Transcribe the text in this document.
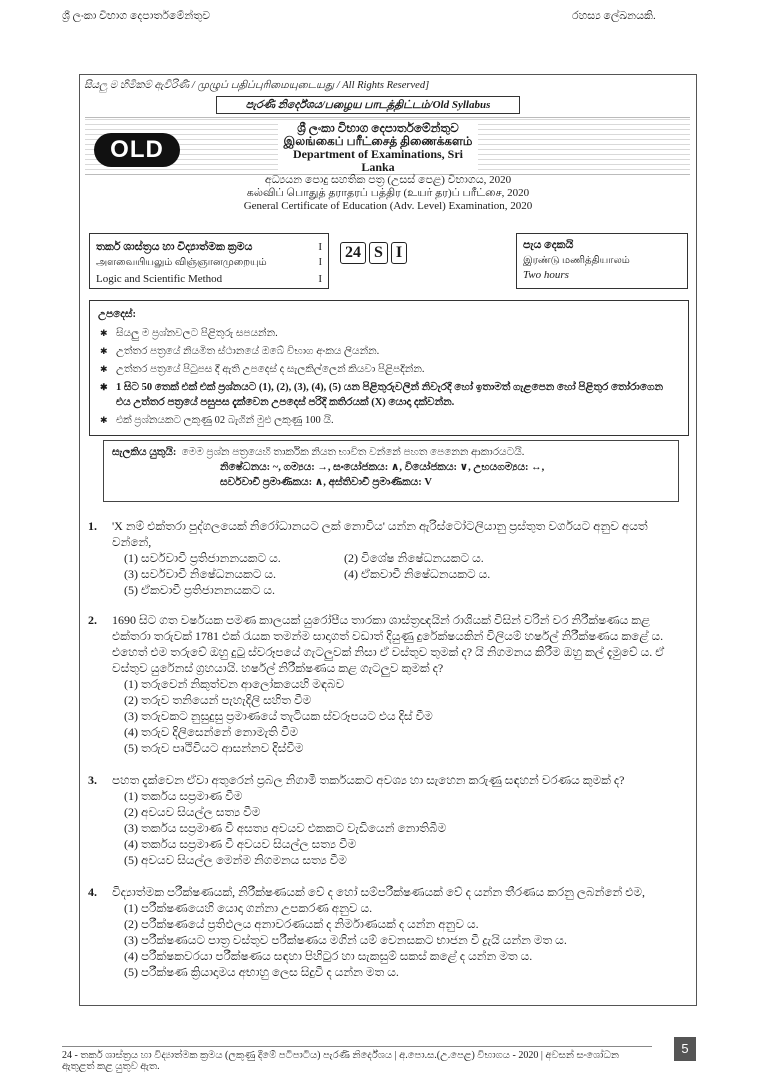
ශ්‍රී ලංකා විභාග දෙපාර්තමේන්තුව	රහස්‍ය ලේඛනයකි.
සියලු ම හිමිකම් ඇවිරිණි / முழுப் பதிப்புரிமையுடையது / All Rights Reserved]
පැරණි නිර්දේශය/பழைய பாடத்திட்டம்/Old Syllabus
OLD
ශ්‍රී ලංකා විභාග දෙපාර්තමේන්තුව
இலங்கைப் பரீட்சைத் திணைக்களம்
Department of Examinations, Sri Lanka
අධ්‍යයන පොදු සහතික පත්‍ර (උසස් පෙළ) විභාගය, 2020
கல்விப் பொதுத் தராதரப் பத்திர (உயர் தர)ப் பரீட்சை, 2020
General Certificate of Education (Adv. Level) Examination, 2020
තර්ක ශාස්ත්‍රය හා විද්‍යාත්මක ක්‍රමය	I
அளவையியலும் விஞ்ஞானமுறையும்	I
Logic and Scientific Method	I
24 S I	පැය දෙකයි
இரண்டு மணித்தியாலம்
Two hours
උපදෙස්:
✱ සියලු ම ප්‍රශ්නවලට පිළිතුරු සපයන්න.
✱ උත්තර පත්‍රයේ නියමිත ස්ථානයේ ඔබේ විභාග අංකය ලියන්න.
✱ උත්තර පත්‍රයේ පිටුපස දී ඇති උපදෙස් ද සැලකිල්ලෙන් කියවා පිළිපදින්න.
✱ 1 සිට 50 තෙක් එක් එක් ප්‍රශ්නයට (1), (2), (3), (4), (5) යන පිළිතුරුවලින් නිවැරදි හෝ ඉතාමත් ගැළපෙන හෝ පිළිතුර තෝරාගෙන එය උත්තර පත්‍රයේ පසුපස දැක්වෙන උපදෙස් පරිදි කතිරයක් (X) යොදා දක්වන්න.
✱ එක් ප්‍රශ්නයකට ලකුණු 02 බැගින් මුළු ලකුණු 100 යි.
සැලකිය යුතුයි: මෙම ප්‍රශ්න පත්‍රයෙහි තාර්කික නියත භාවිත වන්නේ පහත පෙනෙන ආකාරයටයි.
නිෂේධනය: ~, ගම්‍යය: →, සංයෝජකය: ∧, වියෝජකය: ∨, උභයගම්‍යය: ↔,
සර්වවාචී ප්‍රමාණිකය: ∧, අස්තිවාචී ප්‍රමාණිකය: V
1. 'X නම් එක්තරා පුද්ගලයෙක් නිරෝධානයට ලක් නොවිය' යන්න ඇරිස්ටෝටලියානු ප්‍රස්තුත වර්ගයට අනුව අයත් වන්නේ,
(1) සර්වවාචී ප්‍රතිජානනයකට ය.	(2) විශේෂ නිෂේධනයකට ය.
(3) සර්වවාචී නිෂේධනයකට ය.	(4) ඒකවාචී නිෂේධනයකට ය.
(5) ඒකවාචී ප්‍රතිජානනයකට ය.
2. 1690 සිට ගත වර්ෂයක පමණ කාලයක් යුරෝපීය තාරකා ශාස්ත්‍රඥයින් රාශියක් විසින් වරින් වර නිරීක්ෂණය කළ එක්තරා තරුවක් 1781 එක් රැයක තමන්ම සාදාගත් වඩාත් දියුණු දුරේක්ෂයකින් විලියම් හර්ෂල් නිරීක්ෂණය කළේ ය. එහෙත් එම තරුවේ ඔහු දුටු ස්වරූපයේ ගැටලුවක් නිසා ඒ වස්තුව තුමක් ද? යි නිගමනය කිරීම ඔහු කල් දැමුවේ ය. ඒ වස්තුව යුරේනස් ග්‍රහයායි. හර්ෂල් නිරීක්ෂණය කළ ගැටලුව කුමක් ද?
(1) තරුවෙන් නිකුත්වන ආලෝකයෙහි මඳබව
(2) තරුව තනියෙන් පැහැදිලි සහිත වීම
(3) තරුවකට නුසුදුසු ප්‍රමාණයේ තැටියක ස්වරූපයට එය දිස් වීම
(4) තරුව දිලිසෙන්නේ නොමැති වීම
(5) තරුව පෘථිවියට ආසන්නව දිස්වීම
3. පහත දැක්වෙන ඒවා අතුරෙන් ප්‍රබල නිගාමී තර්කයකට අවශ්‍ය හා සැහෙන කරුණු සඳහන් වරණය කුමක් ද?
(1) තර්කය සප්‍රමාණ වීම
(2) අවයව සියල්ල සත්‍ය වීම
(3) තර්කය සප්‍රමාණ වී අසත්‍ය අවයව එකකට වැඩියෙන් නොතිබීම
(4) තර්කය සප්‍රමාණ වී අවයව සියල්ල සත්‍ය වීම
(5) අවයව සියල්ල මෙන්ම නිගමනය සත්‍ය වීම
4. විද්‍යාත්මක පරීක්ෂණයක්, නිරීක්ෂණයක් වේ ද හෝ සම්පරීක්ෂණයක් වේ ද යන්න තීරණය කරනු ලබන්නේ එම,
(1) පරීක්ෂණයෙහි යොදා ගන්නා උපකරණ අනුව ය.
(2) පරීක්ෂණයේ ප්‍රතිඵලය අනාවරණයක් ද නිර්මාණයක් ද යන්න අනුව ය.
(3) පරීක්ෂණයට පාත්‍ර වස්තුව පරීක්ෂණය මගින් යම් වෙනසකට භාජන වී ද්‍රැයි යන්න මත ය.
(4) පරීක්ෂකවරයා පරීක්ෂණය සඳහා පිහිටුර හා සැකසුම් සකස් කළේ ද යන්න මත ය.
(5) පරීක්ෂණ ක්‍රියාදාමය අභාහු ලෙස සිදුවී ද යන්න මත ය.
24 - තර්ක ශාස්ත්‍රය හා විද්‍යාත්මක ක්‍රමය (ලකුණු දීමේ පටිපාටිය) පැරණි නිර්දේශය | අ.පො.ස.(උ.පෙළ) විභාගය - 2020 | අවසන් සංශෝධන ඇතුළත් කළ යුතුව ඇත.
5
